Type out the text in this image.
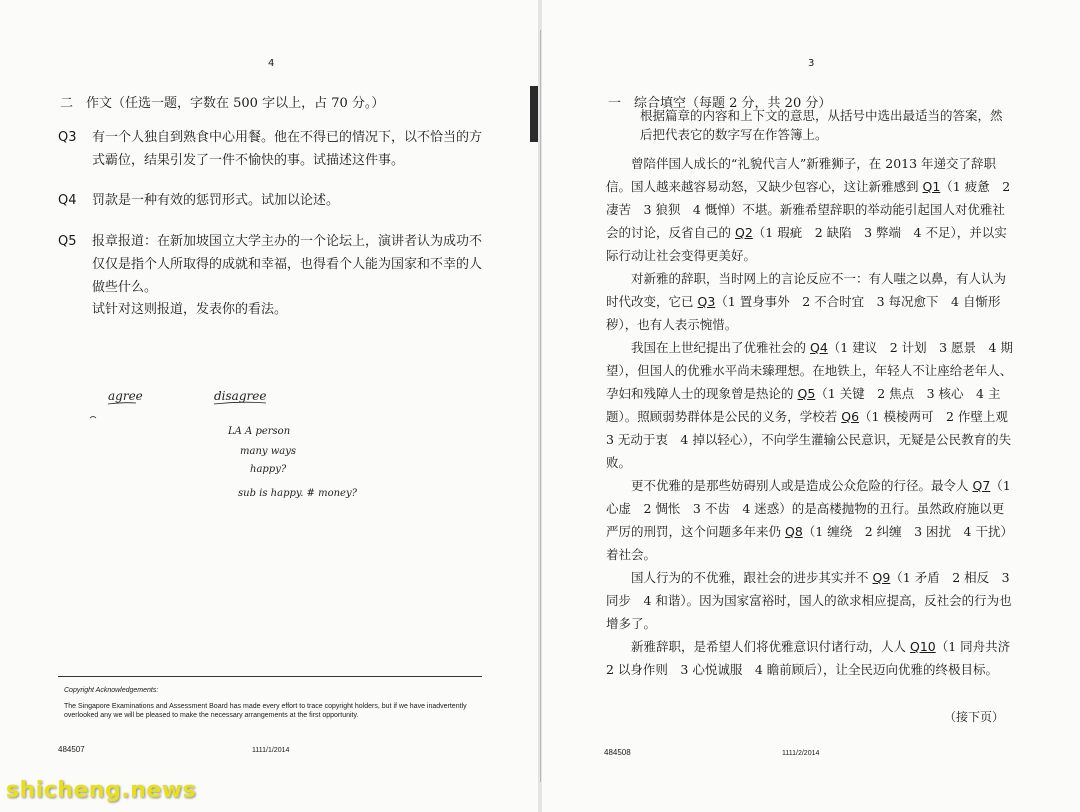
4
二　作文（任选一题，字数在 500 字以上，占 70 分。）
Q3 有一个人独自到熟食中心用餐。他在不得已的情况下，以不恰当的方式霸位，结果引发了一件不愉快的事。试描述这件事。
Q4 罚款是一种有效的惩罚形式。试加以论述。
Q5 报章报道：在新加坡国立大学主办的一个论坛上，演讲者认为成功不仅仅是指个人所取得的成就和幸福，也得看个人能为国家和不幸的人做些什么。
试针对这则报道，发表你的看法。
agree	disagree
LA A person
many ways
happy?
sub is happy. # money?
Copyright Acknowledgements:
The Singapore Examinations and Assessment Board has made every effort to trace copyright holders, but if we have inadvertently overlooked any we will be pleased to make the necessary arrangements at the first opportunity.
484507	1111/1/2014
3
一　综合填空（每题 2 分，共 20 分）
根据篇章的内容和上下文的意思，从括号中选出最适当的答案，然后把代表它的数字写在作答簿上。
曾陪伴国人成长的“礼貌代言人”新雅狮子，在 2013 年递交了辞职信。国人越来越容易动怒，又缺少包容心，这让新雅感到 Q1（1 疲惫　2 凄苦　3 狼狈　4 慨惮）不堪。新雅希望辞职的举动能引起国人对优雅社会的讨论，反省自己的 Q2（1 瑕疵　2 缺陷　3 弊端　4 不足），并以实际行动让社会变得更美好。
对新雅的辞职，当时网上的言论反应不一：有人嗤之以鼻，有人认为时代改变，它已 Q3（1 置身事外　2 不合时宜　3 每况愈下　4 自惭形秽），也有人表示惋惜。
我国在上世纪提出了优雅社会的 Q4（1 建议　2 计划　3 愿景　4 期望），但国人的优雅水平尚未臻理想。在地铁上，年轻人不让座给老年人、孕妇和残障人士的现象曾是热论的 Q5（1 关键　2 焦点　3 核心　4 主题）。照顾弱势群体是公民的义务，学校若 Q6（1 模棱两可　2 作壁上观　3 无动于衷　4 掉以轻心），不向学生灌输公民意识，无疑是公民教育的失败。
更不优雅的是那些妨碍别人或是造成公众危险的行径。最令人 Q7（1 心虚　2 惆怅　3 不齿　4 迷惑）的是高楼抛物的丑行。虽然政府施以更严厉的刑罚，这个问题多年来仍 Q8（1 缠绕　2 纠缠　3 困扰　4 干扰）着社会。
国人行为的不优雅，跟社会的进步其实并不 Q9（1 矛盾　2 相反　3 同步　4 和谐）。因为国家富裕时，国人的欲求相应提高，反社会的行为也增多了。
新雅辞职，是希望人们将优雅意识付诸行动，人人 Q10（1 同舟共济　2 以身作则　3 心悦诚服　4 瞻前顾后），让全民迈向优雅的终极目标。
（接下页）
484508	1111/2/2014
shicheng.news
